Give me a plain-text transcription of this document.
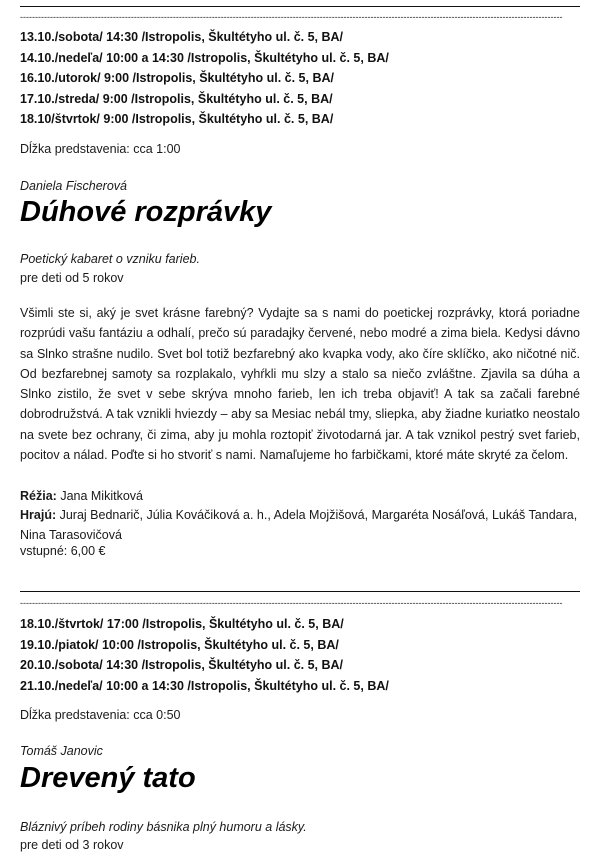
-------------------------------------------------------------------------------------------------------------------------------------------------------------------------------------
13.10./sobota/ 14:30 /Istropolis, Škultétyho ul. č. 5, BA/
14.10./nedeľa/ 10:00 a 14:30 /Istropolis, Škultétyho ul. č. 5, BA/
16.10./utorok/ 9:00 /Istropolis, Škultétyho ul. č. 5, BA/
17.10./streda/ 9:00 /Istropolis, Škultétyho ul. č. 5, BA/
18.10/štvrtok/ 9:00 /Istropolis, Škultétyho ul. č. 5, BA/
Dĺžka predstavenia: cca 1:00
Daniela Fischerová
Dúhové rozprávky
Poetický kabaret o vzniku farieb.
pre deti od 5 rokov
Všimli ste si, aký je svet krásne farebný? Vydajte sa s nami do poetickej rozprávky, ktorá poriadne rozprúdi vašu fantáziu a odhalí, prečo sú paradajky červené, nebo modré a zima biela. Kedysi dávno sa Slnko strašne nudilo. Svet bol totiž bezfarebný ako kvapka vody, ako číre sklíčko, ako ničotné nič. Od bezfarebnej samoty sa rozplakalo, vyhŕkli mu slzy a stalo sa niečo zvláštne. Zjavila sa dúha a Slnko zistilo, že svet v sebe skrýva mnoho farieb, len ich treba objaviť! A tak sa začali farebné dobrodružstvá. A tak vznikli hviezdy – aby sa Mesiac nebál tmy, sliepka, aby žiadne kuriatko neostalo na svete bez ochrany, či zima, aby ju mohla roztopiť životodarná jar. A tak vznikol pestrý svet farieb, pocitov a nálad. Poďte si ho stvoriť s nami. Namaľujeme ho farbičkami, ktoré máte skryté za čelom.
Réžia: Jana Mikitková
Hrajú: Juraj Bednarič, Júlia Kováčiková a. h., Adela Mojžišová, Margaréta Nosáľová, Lukáš Tandara, Nina Tarasovičová
vstupné: 6,00 €
-------------------------------------------------------------------------------------------------------------------------------------------------------------------------------------
18.10./štvrtok/ 17:00 /Istropolis, Škultétyho ul. č. 5, BA/
19.10./piatok/ 10:00 /Istropolis, Škultétyho ul. č. 5, BA/
20.10./sobota/ 14:30 /Istropolis, Škultétyho ul. č. 5, BA/
21.10./nedeľa/ 10:00 a 14:30 /Istropolis, Škultétyho ul. č. 5, BA/
Dĺžka predstavenia: cca 0:50
Tomáš Janovic
Drevený tato
Bláznivý príbeh rodiny básnika plný humoru a lásky.
pre deti od 3 rokov
